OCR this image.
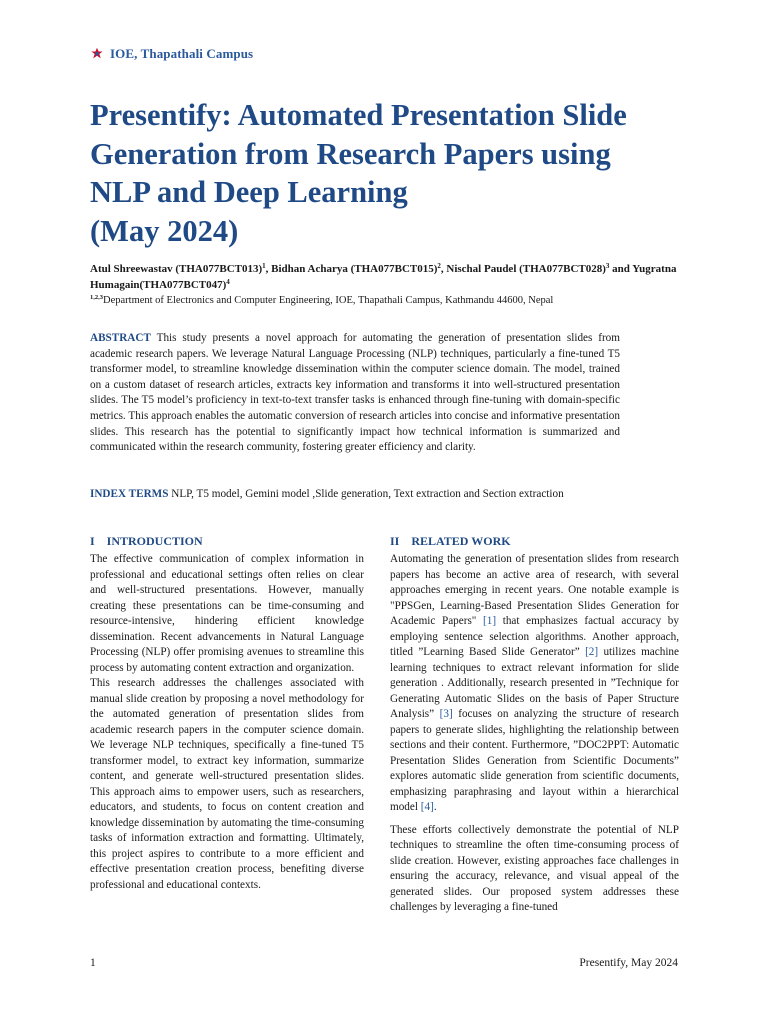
IOE, Thapathali Campus
Presentify: Automated Presentation Slide
Generation from Research Papers using
NLP and Deep Learning
(May 2024)
Atul Shreewastav $(THA077BCT013)^1$, Bidhan Acharya $(THA077BCT015)^2$, Nischal Paudel $(THA077BCT028)^3$ and Yugratna $Humagain(THA077BCT047)^4$
$^{1,2,3}$Department of Electronics and Computer Engineering, IOE, Thapathali Campus, Kathmandu 44600, Nepal

ABSTRACT This study presents a novel approach for automating the generation of presentation slides from academic research papers. We leverage Natural Language Processing (NLP) techniques, particularly a fine-tuned T5 transformer model, to streamline knowledge dissemination within the computer science domain. The model, trained on a custom dataset of research articles, extracts key information and transforms it into well-structured presentation slides. The T5 model’s proficiency in text-to-text transfer tasks is enhanced through fine-tuning with domain-specific metrics. This approach enables the automatic conversion of research articles into concise and informative presentation slides. This research has the potential to significantly impact how technical information is summarized and communicated within the research community, fostering greater efficiency and clarity.

INDEX TERMS NLP, T5 model, Gemini model ,Slide generation, Text extraction and Section extraction
I INTRODUCTION

The effective communication of complex information in professional and educational settings often relies on clear and well-structured presentations. However, manually creating these presentations can be time-consuming and resource-intensive, hindering efficient knowledge dissemination. Recent advancements in Natural Language Processing (NLP) offer promising avenues to streamline this process by automating content extraction and organization.

This research addresses the challenges associated with manual slide creation by proposing a novel methodology for the automated generation of presentation slides from academic research papers in the computer science domain. We leverage NLP techniques, specifically a fine-tuned T5 transformer model, to extract key information, summarize content, and generate well-structured presentation slides. This approach aims to empower users, such as researchers, educators, and students, to focus on content creation and knowledge dissemination by automating the time-consuming tasks of information extraction and formatting. Ultimately, this project aspires to contribute to a more efficient and effective presentation creation process, benefiting diverse professional and educational contexts.

II RELATED WORK

Automating the generation of presentation slides from research papers has become an active area of research, with several approaches emerging in recent years. One notable example is "PPSGen, Learning-Based Presentation Slides Generation for Academic Papers" [1] that emphasizes factual accuracy by employing sentence selection algorithms. Another approach, titled ”Learning Based Slide Generator” [2] utilizes machine learning techniques to extract relevant information for slide generation . Additionally, research presented in ”Technique for Generating Automatic Slides on the basis of Paper Structure Analysis” [3] focuses on analyzing the structure of research papers to generate slides, highlighting the relationship between sections and their content. Furthermore, ”DOC2PPT: Automatic Presentation Slides Generation from Scientific Documents” explores automatic slide generation from scientific documents, emphasizing paraphrasing and layout within a hierarchical model [4].

These efforts collectively demonstrate the potential of NLP techniques to streamline the often time-consuming process of slide creation. However, existing approaches face challenges in ensuring the accuracy, relevance, and visual appeal of the generated slides. Our proposed system addresses these challenges by leveraging a fine-tuned

1	Presentify, May 2024
